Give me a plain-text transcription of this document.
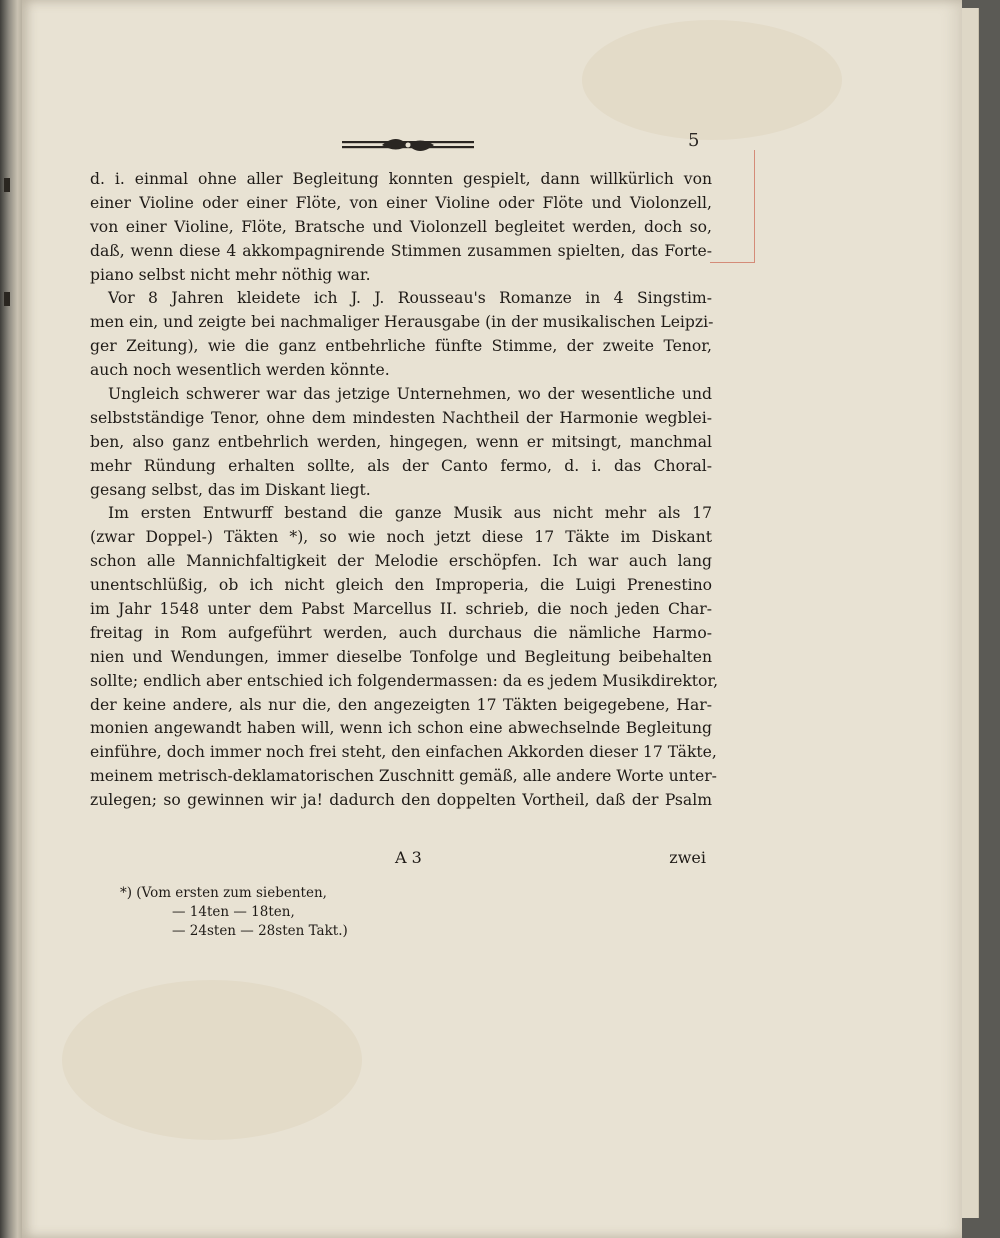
5
d. i. einmal ohne aller Begleitung konnten gespielt, dann willkürlich von
einer Violine oder einer Flöte, von einer Violine oder Flöte und Violonzell,
von einer Violine, Flöte, Bratsche und Violonzell begleitet werden, doch so,
daß, wenn diese 4 akkompagnirende Stimmen zusammen spielten, das Forte-
piano selbst nicht mehr nöthig war.
Vor 8 Jahren kleidete ich J. J. Rousseau's Romanze in 4 Singstim-
men ein, und zeigte bei nachmaliger Herausgabe (in der musikalischen Leipzi-
ger Zeitung), wie die ganz entbehrliche fünfte Stimme, der zweite Tenor,
auch noch wesentlich werden könnte.
Ungleich schwerer war das jetzige Unternehmen, wo der wesentliche und
selbstständige Tenor, ohne dem mindesten Nachtheil der Harmonie wegblei-
ben, also ganz entbehrlich werden, hingegen, wenn er mitsingt, manchmal
mehr Ründung erhalten sollte, als der Canto fermo, d. i. das Choral-
gesang selbst, das im Diskant liegt.
Im ersten Entwurff bestand die ganze Musik aus nicht mehr als 17
(zwar Doppel-) Täkten *), so wie noch jetzt diese 17 Täkte im Diskant
schon alle Mannichfaltigkeit der Melodie erschöpfen. Ich war auch lang
unentschlüßig, ob ich nicht gleich den Improperia, die Luigi Prenestino
im Jahr 1548 unter dem Pabst Marcellus II. schrieb, die noch jeden Char-
freitag in Rom aufgeführt werden, auch durchaus die nämliche Harmo-
nien und Wendungen, immer dieselbe Tonfolge und Begleitung beibehalten
sollte; endlich aber entschied ich folgendermassen: da es jedem Musikdirektor,
der keine andere, als nur die, den angezeigten 17 Täkten beigegebene, Har-
monien angewandt haben will, wenn ich schon eine abwechselnde Begleitung
einführe, doch immer noch frei steht, den einfachen Akkorden dieser 17 Täkte,
meinem metrisch-deklamatorischen Zuschnitt gemäß, alle andere Worte unter-
zulegen; so gewinnen wir ja! dadurch den doppelten Vortheil, daß der Psalm
A 3	zwei
*) (Vom ersten zum siebenten,
— 14ten — 18ten,
— 24sten — 28sten Takt.)
